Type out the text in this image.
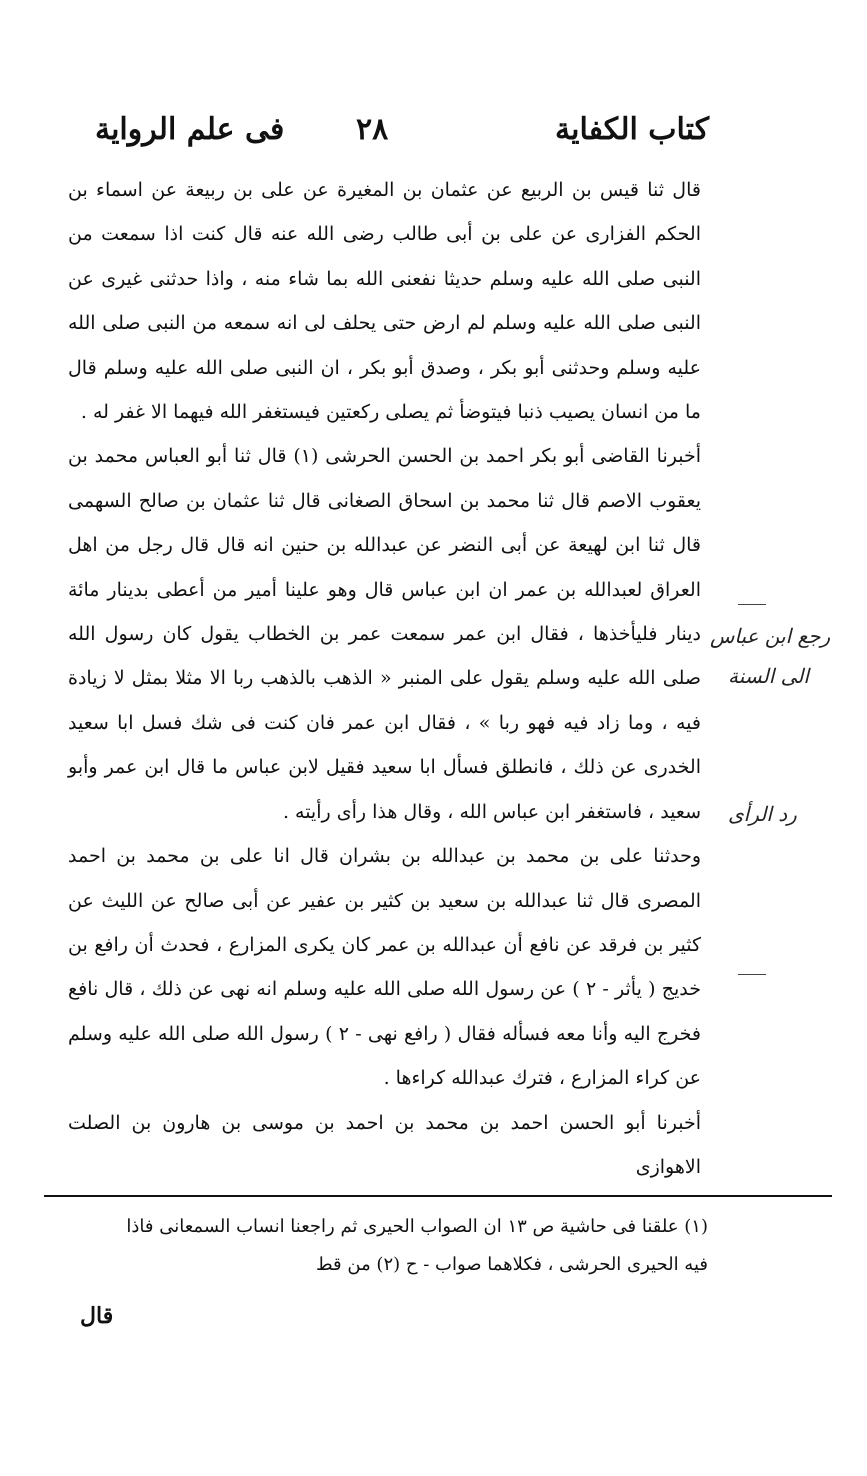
كتاب الكفاية
٢٨
فى علم الرواية

قال ثنا قيس بن الربيع عن عثمان بن المغيرة عن على بن ربيعة عن اسماء بن الحكم الفزارى عن على بن أبى طالب رضى الله عنه قال كنت اذا سمعت من النبى صلى الله عليه وسلم حديثا نفعنى الله بما شاء منه ، واذا حدثنى غيرى عن النبى صلى الله عليه وسلم لم ارض حتى يحلف لى انه سمعه من النبى صلى الله عليه وسلم وحدثنى أبو بكر ، وصدق أبو بكر ، ان النبى صلى الله عليه وسلم قال ما من انسان يصيب ذنبا فيتوضأ ثم يصلى ركعتين فيستغفر الله فيهما الا غفر له .

أخبرنا القاضى أبو بكر احمد بن الحسن الحرشى (١) قال ثنا أبو العباس محمد بن يعقوب الاصم قال ثنا محمد بن اسحاق الصغانى قال ثنا عثمان بن صالح السهمى قال ثنا ابن لهيعة عن أبى النضر عن عبدالله بن حنين انه قال قال رجل من اهل العراق لعبدالله بن عمر ان ابن عباس قال وهو علينا أمير من أعطى بدينار مائة دينار فليأخذها ، فقال ابن عمر سمعت عمر بن الخطاب يقول كان رسول الله صلى الله عليه وسلم يقول على المنبر « الذهب بالذهب ربا الا مثلا بمثل لا زيادة فيه ، وما زاد فيه فهو ربا » ، فقال ابن عمر فان كنت فى شك فسل ابا سعيد الخدرى عن ذلك ، فانطلق فسأل ابا سعيد فقيل لابن عباس ما قال ابن عمر وأبو سعيد ، فاستغفر ابن عباس الله ، وقال هذا رأى رأيته .

وحدثنا على بن محمد بن عبدالله بن بشران قال انا على بن محمد بن احمد المصرى قال ثنا عبدالله بن سعيد بن كثير بن عفير عن أبى صالح عن الليث عن كثير بن فرقد عن نافع أن عبدالله بن عمر كان يكرى المزارع ، فحدث أن رافع بن خديج ( يأثر - ٢ ) عن رسول الله صلى الله عليه وسلم انه نهى عن ذلك ، قال نافع فخرج اليه وأنا معه فسأله فقال ( رافع نهى - ٢ ) رسول الله صلى الله عليه وسلم عن كراء المزارع ، فترك عبدالله كراءها .

أخبرنا أبو الحسن احمد بن محمد بن احمد بن موسى بن هارون بن الصلت الاهوازى

رجع ابن عباس
الى السنة
رد الرأى

(١) علقنا فى حاشية ص ١٣ ان الصواب الحيرى ثم راجعنا انساب السمعانى فاذا

فيه الحيرى الحرشى ، فكلاهما صواب - ح (٢) من قط

قال
